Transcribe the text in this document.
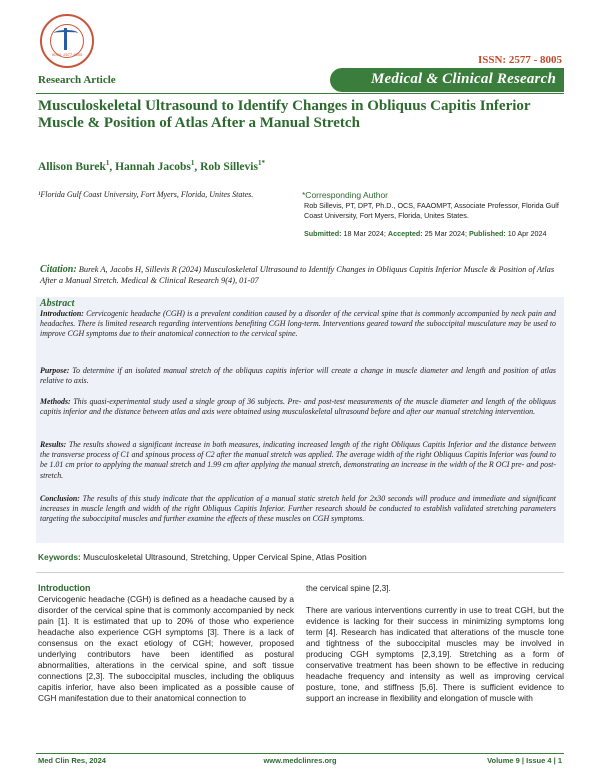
ISSN: 2577-8005
Research Article
ISSN: 2577 - 8005
Medical & Clinical Research
Musculoskeletal Ultrasound to Identify Changes in Obliquus Capitis Inferior Muscle & Position of Atlas After a Manual Stretch
Allison Burek$^1$, Hannah Jacobs$^1$, Rob Sillevis$^{1*}$
¹Florida Gulf Coast University, Fort Myers, Florida, Unites States.	*Corresponding Author
Rob Sillevis, PT, DPT, Ph.D., OCS, FAAOMPT, Associate Professor, Florida Gulf Coast University, Fort Myers, Florida, Unites States.
Submitted: 18 Mar 2024; Accepted: 25 Mar 2024; Published: 10 Apr 2024
Citation: Burek A, Jacobs H, Sillevis R (2024) Musculoskeletal Ultrasound to Identify Changes in Obliquus Capitis Inferior Muscle & Position of Atlas After a Manual Stretch. Medical & Clinical Research 9(4), 01-07
Abstract
Introduction: Cervicogenic headache (CGH) is a prevalent condition caused by a disorder of the cervical spine that is commonly accompanied by neck pain and headaches. There is limited research regarding interventions benefiting CGH long-term. Interventions geared toward the suboccipital musculature may be used to improve CGH symptoms due to their anatomical connection to the cervical spine.
Purpose: To determine if an isolated manual stretch of the obliquus capitis inferior will create a change in muscle diameter and length and position of atlas relative to axis.
Methods: This quasi-experimental study used a single group of 36 subjects. Pre- and post-test measurements of the muscle diameter and length of the obliquus capitis inferior and the distance between atlas and axis were obtained using musculoskeletal ultrasound before and after our manual stretching intervention.
Results: The results showed a significant increase in both measures, indicating increased length of the right Obliquus Capitis Inferior and the distance between the transverse process of C1 and spinous process of C2 after the manual stretch was applied. The average width of the right Obliquus Capitis Inferior was found to be 1.01 cm prior to applying the manual stretch and 1.99 cm after applying the manual stretch, demonstrating an increase in the width of the R OCI pre- and post-stretch.
Conclusion: The results of this study indicate that the application of a manual static stretch held for 2x30 seconds will produce and immediate and significant increases in muscle length and width of the right Obliquus Capitis Inferior. Further research should be conducted to establish validated stretching parameters targeting the suboccipital muscles and further examine the effects of these muscles on CGH symptoms.
Keywords: Musculoskeletal Ultrasound, Stretching, Upper Cervical Spine, Atlas Position
Introduction
Cervicogenic headache (CGH) is defined as a headache caused by a disorder of the cervical spine that is commonly accompanied by neck pain [1]. It is estimated that up to 20% of those who experience headache also experience CGH symptoms [3]. There is a lack of consensus on the exact etiology of CGH; however, proposed underlying contributors have been identified as postural abnormalities, alterations in the cervical spine, and soft tissue connections [2,3]. The suboccipital muscles, including the obliquus capitis inferior, have also been implicated as a possible cause of CGH manifestation due to their anatomical connection to
the cervical spine [2,3].
There are various interventions currently in use to treat CGH, but the evidence is lacking for their success in minimizing symptoms long term [4]. Research has indicated that alterations of the muscle tone and tightness of the suboccipital muscles may be involved in producing CGH symptoms [2,3,19]. Stretching as a form of conservative treatment has been shown to be effective in reducing headache frequency and intensity as well as improving cervical posture, tone, and stiffness [5,6]. There is sufficient evidence to support an increase in flexibility and elongation of muscle with
Med Clin Res, 2024	www.medclinres.org	Volume 9 | Issue 4 | 1
